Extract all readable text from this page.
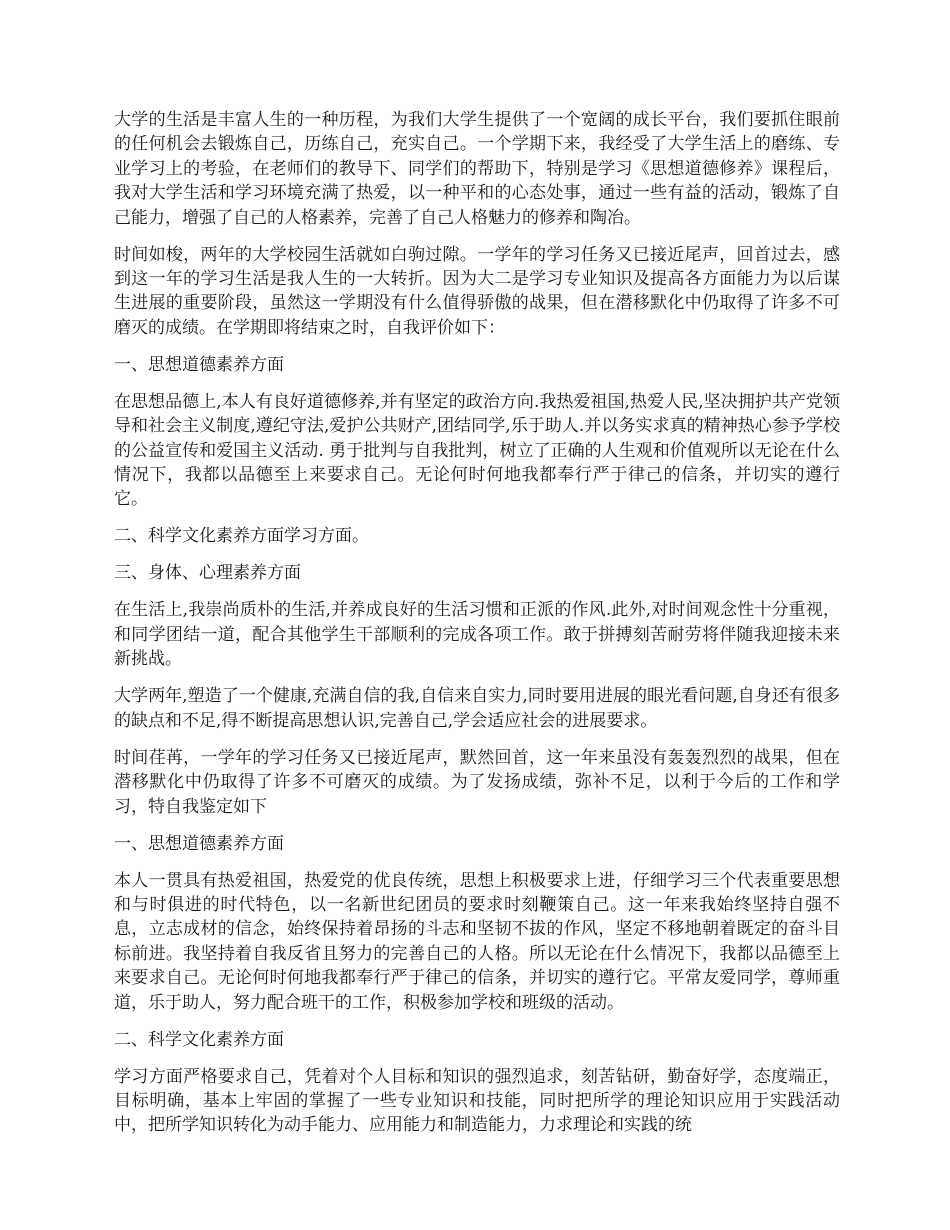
大学的生活是丰富人生的一种历程，为我们大学生提供了一个宽阔的成长平台，我们要抓住眼前的任何机会去锻炼自己，历练自己，充实自己。一个学期下来，我经受了大学生活上的磨练、专业学习上的考验，在老师们的教导下、同学们的帮助下，特别是学习《思想道德修养》课程后，我对大学生活和学习环境充满了热爱，以一种平和的心态处事，通过一些有益的活动，锻炼了自己能力，增强了自己的人格素养，完善了自己人格魅力的修养和陶冶。

时间如梭，两年的大学校园生活就如白驹过隙。一学年的学习任务又已接近尾声，回首过去，感到这一年的学习生活是我人生的一大转折。因为大二是学习专业知识及提高各方面能力为以后谋生进展的重要阶段，虽然这一学期没有什么值得骄傲的战果，但在潜移默化中仍取得了许多不可磨灭的成绩。在学期即将结束之时，自我评价如下：

一、思想道德素养方面

在思想品德上,本人有良好道德修养,并有坚定的政治方向.我热爱祖国,热爱人民,坚决拥护共产党领导和社会主义制度,遵纪守法,爱护公共财产,团结同学,乐于助人.并以务实求真的精神热心参予学校的公益宣传和爱国主义活动. 勇于批判与自我批判，树立了正确的人生观和价值观所以无论在什么情况下，我都以品德至上来要求自己。无论何时何地我都奉行严于律己的信条，并切实的遵行它。

二、科学文化素养方面学习方面。

三、身体、心理素养方面

在生活上,我崇尚质朴的生活,并养成良好的生活习惯和正派的作风.此外,对时间观念性十分重视，和同学团结一道，配合其他学生干部顺利的完成各项工作。敢于拼搏刻苦耐劳将伴随我迎接未来新挑战。

大学两年,塑造了一个健康,充满自信的我,自信来自实力,同时要用进展的眼光看问题,自身还有很多的缺点和不足,得不断提高思想认识,完善自己,学会适应社会的进展要求。

时间荏苒，一学年的学习任务又已接近尾声，默然回首，这一年来虽没有轰轰烈烈的战果，但在潜移默化中仍取得了许多不可磨灭的成绩。为了发扬成绩，弥补不足，以利于今后的工作和学习，特自我鉴定如下

一、思想道德素养方面

本人一贯具有热爱祖国，热爱党的优良传统，思想上积极要求上进，仔细学习三个代表重要思想和与时俱进的时代特色，以一名新世纪团员的要求时刻鞭策自己。这一年来我始终坚持自强不息，立志成材的信念，始终保持着昂扬的斗志和坚韧不拔的作风，坚定不移地朝着既定的奋斗目标前进。我坚持着自我反省且努力的完善自己的人格。所以无论在什么情况下，我都以品德至上来要求自己。无论何时何地我都奉行严于律己的信条，并切实的遵行它。平常友爱同学，尊师重道，乐于助人，努力配合班干的工作，积极参加学校和班级的活动。

二、科学文化素养方面

学习方面严格要求自己，凭着对个人目标和知识的强烈追求，刻苦钻研，勤奋好学，态度端正，目标明确，基本上牢固的掌握了一些专业知识和技能，同时把所学的理论知识应用于实践活动中，把所学知识转化为动手能力、应用能力和制造能力，力求理论和实践的统
